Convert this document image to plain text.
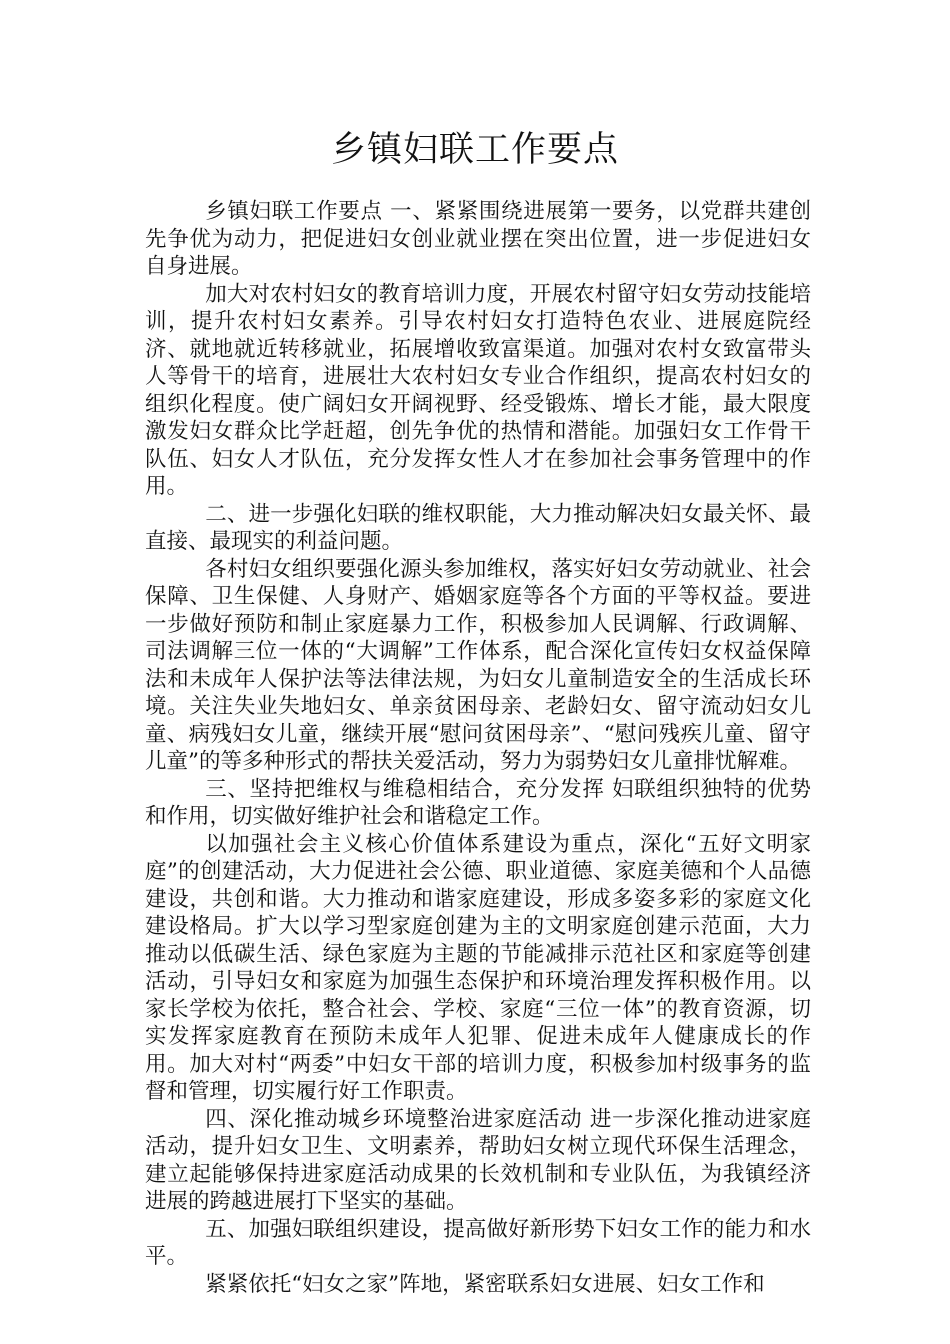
乡镇妇联工作要点

乡镇妇联工作要点 一、紧紧围绕进展第一要务，以党群共建创先争优为动力，把促进妇女创业就业摆在突出位置，进一步促进妇女自身进展。

加大对农村妇女的教育培训力度，开展农村留守妇女劳动技能培训，提升农村妇女素养。引导农村妇女打造特色农业、进展庭院经济、就地就近转移就业，拓展增收致富渠道。加强对农村女致富带头人等骨干的培育，进展壮大农村妇女专业合作组织，提高农村妇女的组织化程度。使广阔妇女开阔视野、经受锻炼、增长才能，最大限度激发妇女群众比学赶超，创先争优的热情和潜能。加强妇女工作骨干队伍、妇女人才队伍，充分发挥女性人才在参加社会事务管理中的作用。

二、进一步强化妇联的维权职能，大力推动解决妇女最关怀、最直接、最现实的利益问题。

各村妇女组织要强化源头参加维权，落实好妇女劳动就业、社会保障、卫生保健、人身财产、婚姻家庭等各个方面的平等权益。要进一步做好预防和制止家庭暴力工作，积极参加人民调解、行政调解、司法调解三位一体的“大调解”工作体系，配合深化宣传妇女权益保障法和未成年人保护法等法律法规，为妇女儿童制造安全的生活成长环境。关注失业失地妇女、单亲贫困母亲、老龄妇女、留守流动妇女儿童、病残妇女儿童，继续开展“慰问贫困母亲”、“慰问残疾儿童、留守儿童”的等多种形式的帮扶关爱活动，努力为弱势妇女儿童排忧解难。

三、坚持把维权与维稳相结合，充分发挥 妇联组织独特的优势和作用，切实做好维护社会和谐稳定工作。

以加强社会主义核心价值体系建设为重点，深化“五好文明家庭”的创建活动，大力促进社会公德、职业道德、家庭美德和个人品德建设，共创和谐。大力推动和谐家庭建设，形成多姿多彩的家庭文化建设格局。扩大以学习型家庭创建为主的文明家庭创建示范面，大力推动以低碳生活、绿色家庭为主题的节能减排示范社区和家庭等创建活动，引导妇女和家庭为加强生态保护和环境治理发挥积极作用。以家长学校为依托，整合社会、学校、家庭“三位一体”的教育资源，切实发挥家庭教育在预防未成年人犯罪、促进未成年人健康成长的作用。加大对村“两委”中妇女干部的培训力度，积极参加村级事务的监督和管理，切实履行好工作职责。

四、深化推动城乡环境整治进家庭活动 进一步深化推动进家庭活动，提升妇女卫生、文明素养，帮助妇女树立现代环保生活理念，建立起能够保持进家庭活动成果的长效机制和专业队伍，为我镇经济进展的跨越进展打下坚实的基础。

五、加强妇联组织建设，提高做好新形势下妇女工作的能力和水平。

紧紧依托“妇女之家”阵地，紧密联系妇女进展、妇女工作和
